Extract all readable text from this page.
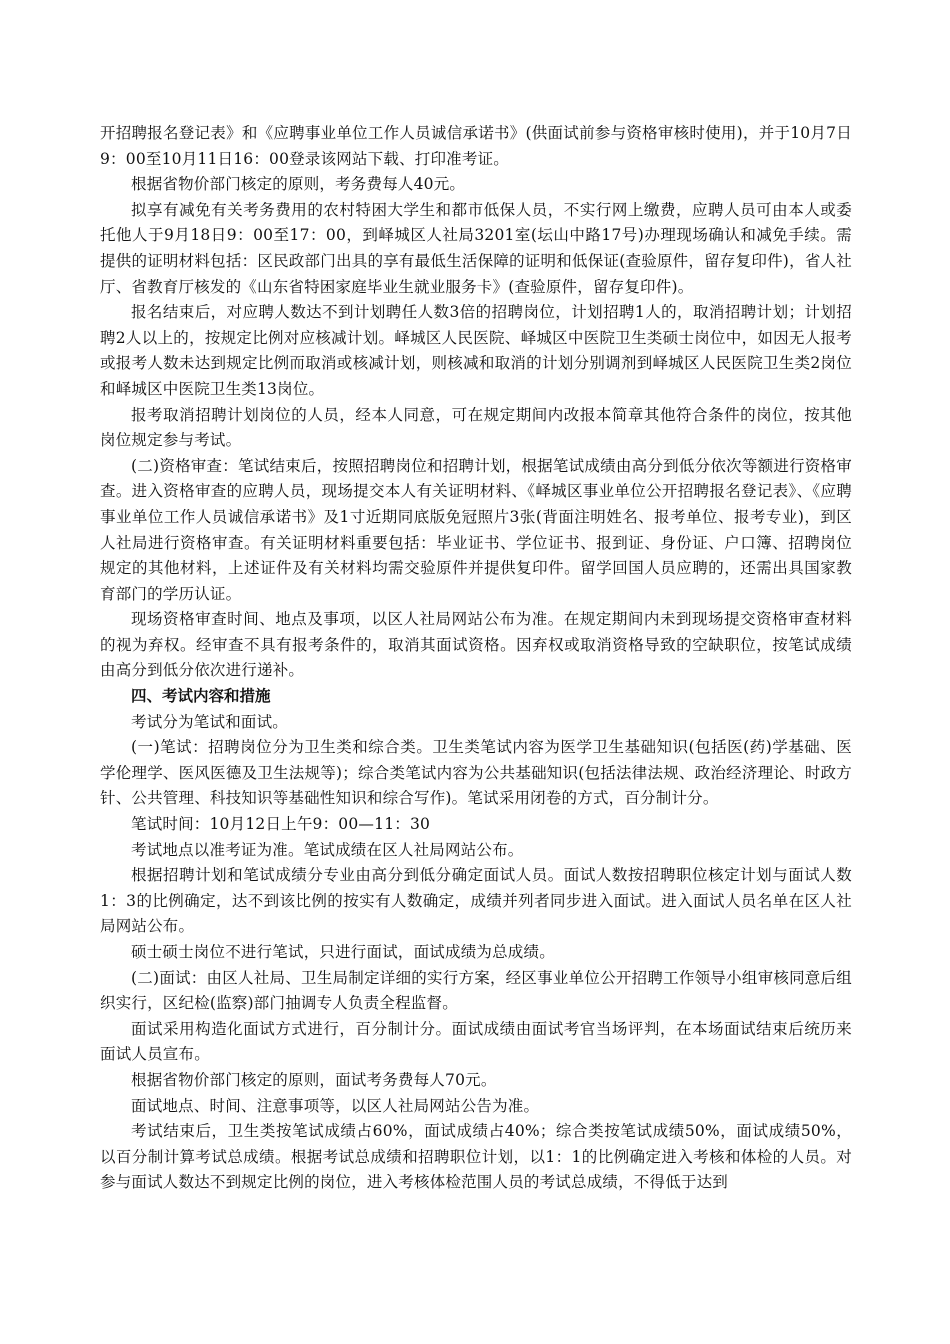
开招聘报名登记表》和《应聘事业单位工作人员诚信承诺书》(供面试前参与资格审核时使用)，并于10月7日9：00至10月11日16：00登录该网站下载、打印准考证。

根据省物价部门核定的原则，考务费每人40元。

拟享有减免有关考务费用的农村特困大学生和都市低保人员，不实行网上缴费，应聘人员可由本人或委托他人于9月18日9：00至17：00，到峄城区人社局3201室(坛山中路17号)办理现场确认和减免手续。需提供的证明材料包括：区民政部门出具的享有最低生活保障的证明和低保证(查验原件，留存复印件)，省人社厅、省教育厅核发的《山东省特困家庭毕业生就业服务卡》(查验原件，留存复印件)。

报名结束后，对应聘人数达不到计划聘任人数3倍的招聘岗位，计划招聘1人的，取消招聘计划；计划招聘2人以上的，按规定比例对应核减计划。峄城区人民医院、峄城区中医院卫生类硕士岗位中，如因无人报考或报考人数未达到规定比例而取消或核减计划，则核减和取消的计划分别调剂到峄城区人民医院卫生类2岗位和峄城区中医院卫生类13岗位。

报考取消招聘计划岗位的人员，经本人同意，可在规定期间内改报本简章其他符合条件的岗位，按其他岗位规定参与考试。

(二)资格审查：笔试结束后，按照招聘岗位和招聘计划，根据笔试成绩由高分到低分依次等额进行资格审查。进入资格审查的应聘人员，现场提交本人有关证明材料、《峄城区事业单位公开招聘报名登记表》、《应聘事业单位工作人员诚信承诺书》及1寸近期同底版免冠照片3张(背面注明姓名、报考单位、报考专业)，到区人社局进行资格审查。有关证明材料重要包括：毕业证书、学位证书、报到证、身份证、户口簿、招聘岗位规定的其他材料，上述证件及有关材料均需交验原件并提供复印件。留学回国人员应聘的，还需出具国家教育部门的学历认证。

现场资格审查时间、地点及事项，以区人社局网站公布为准。在规定期间内未到现场提交资格审查材料的视为弃权。经审查不具有报考条件的，取消其面试资格。因弃权或取消资格导致的空缺职位，按笔试成绩由高分到低分依次进行递补。

四、考试内容和措施

考试分为笔试和面试。

(一)笔试：招聘岗位分为卫生类和综合类。卫生类笔试内容为医学卫生基础知识(包括医(药)学基础、医学伦理学、医风医德及卫生法规等)；综合类笔试内容为公共基础知识(包括法律法规、政治经济理论、时政方针、公共管理、科技知识等基础性知识和综合写作)。笔试采用闭卷的方式，百分制计分。

笔试时间：10月12日上午9：00—11：30

考试地点以准考证为准。笔试成绩在区人社局网站公布。

根据招聘计划和笔试成绩分专业由高分到低分确定面试人员。面试人数按招聘职位核定计划与面试人数1：3的比例确定，达不到该比例的按实有人数确定，成绩并列者同步进入面试。进入面试人员名单在区人社局网站公布。

硕士硕士岗位不进行笔试，只进行面试，面试成绩为总成绩。

(二)面试：由区人社局、卫生局制定详细的实行方案，经区事业单位公开招聘工作领导小组审核同意后组织实行，区纪检(监察)部门抽调专人负责全程监督。

面试采用构造化面试方式进行，百分制计分。面试成绩由面试考官当场评判，在本场面试结束后统历来面试人员宣布。

根据省物价部门核定的原则，面试考务费每人70元。

面试地点、时间、注意事项等，以区人社局网站公告为准。

考试结束后，卫生类按笔试成绩占60%，面试成绩占40%；综合类按笔试成绩50%，面试成绩50%，以百分制计算考试总成绩。根据考试总成绩和招聘职位计划，以1：1的比例确定进入考核和体检的人员。对参与面试人数达不到规定比例的岗位，进入考核体检范围人员的考试总成绩，不得低于达到
